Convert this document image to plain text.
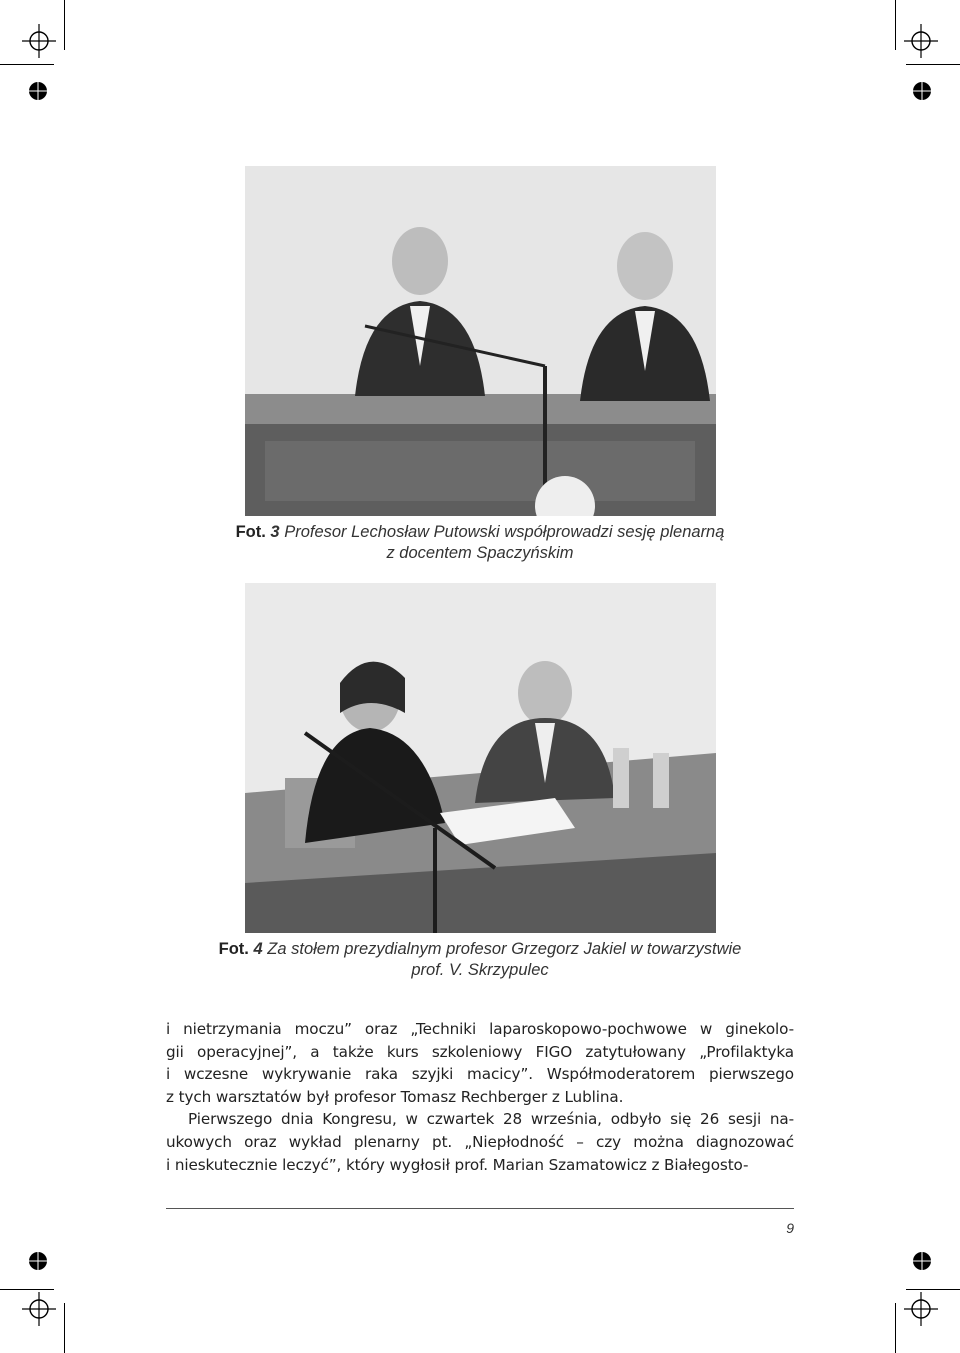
Fot. 3 Profesor Lechosław Putowski współprowadzi sesję plenarną
z docentem Spaczyńskim
Fot. 4 Za stołem prezydialnym profesor Grzegorz Jakiel w towarzystwie
prof. V. Skrzypulec
i nietrzymania moczu” oraz „Techniki laparoskopowo-pochwowe w ginekolo-
gii operacyjnej”, a także kurs szkoleniowy FIGO zatytułowany „Profilaktyka
i wczesne wykrywanie raka szyjki macicy”. Współmoderatorem pierwszego
z tych warsztatów był profesor Tomasz Rechberger z Lublina.
Pierwszego dnia Kongresu, w czwartek 28 września, odbyło się 26 sesji na-
ukowych oraz wykład plenarny pt. „Niepłodność – czy można diagnozować
i nieskutecznie leczyć”, który wygłosił prof. Marian Szamatowicz z Białegosto-
9
